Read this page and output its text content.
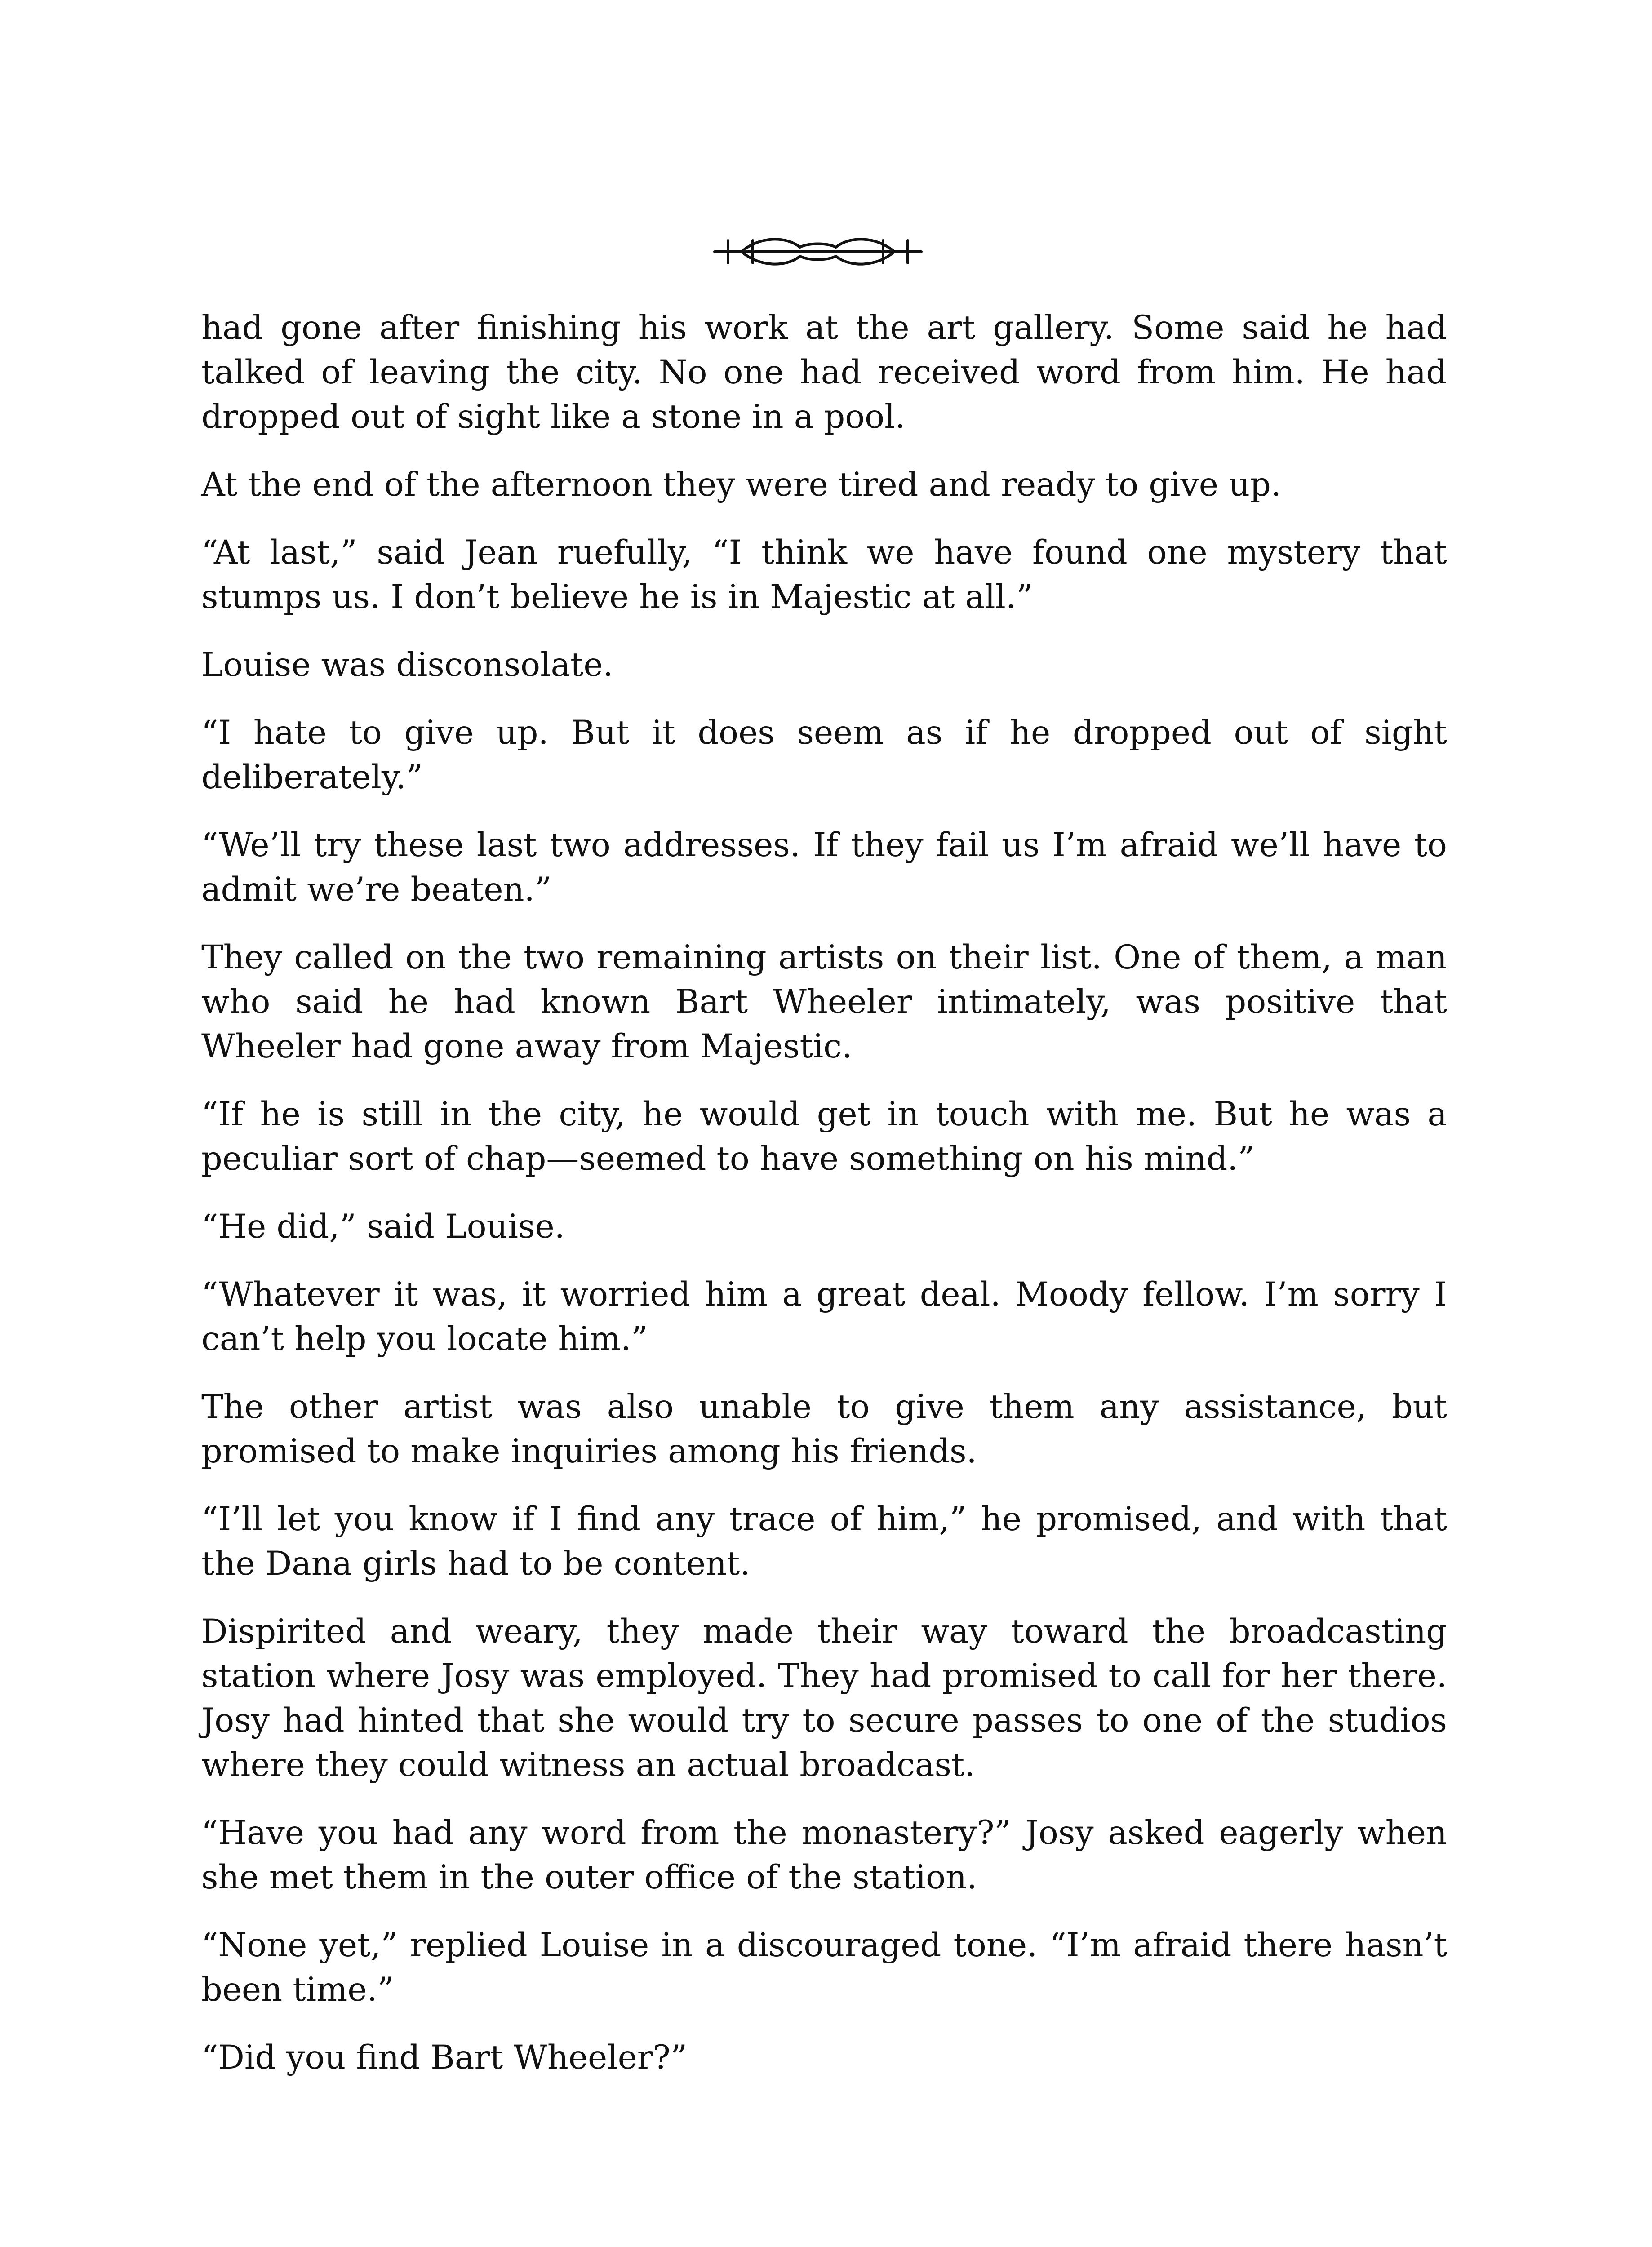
had gone after finishing his work at the art gallery. Some said he had talked of leaving the city. No one had received word from him. He had dropped out of sight like a stone in a pool.

At the end of the afternoon they were tired and ready to give up.

“At last,” said Jean ruefully, “I think we have found one mystery that stumps us. I don’t believe he is in Majestic at all.”

Louise was disconsolate.

“I hate to give up. But it does seem as if he dropped out of sight deliberately.”

“We’ll try these last two addresses. If they fail us I’m afraid we’ll have to admit we’re beaten.”

They called on the two remaining artists on their list. One of them, a man who said he had known Bart Wheeler intimately, was positive that Wheeler had gone away from Majestic.

“If he is still in the city, he would get in touch with me. But he was a peculiar sort of chap—seemed to have something on his mind.”

“He did,” said Louise.

“Whatever it was, it worried him a great deal. Moody fellow. I’m sorry I can’t help you locate him.”

The other artist was also unable to give them any assistance, but promised to make inquiries among his friends.

“I’ll let you know if I find any trace of him,” he promised, and with that the Dana girls had to be content.

Dispirited and weary, they made their way toward the broadcasting station where Josy was employed. They had promised to call for her there. Josy had hinted that she would try to secure passes to one of the studios where they could witness an actual broadcast.

“Have you had any word from the monastery?” Josy asked eagerly when she met them in the outer office of the station.

“None yet,” replied Louise in a discouraged tone. “I’m afraid there hasn’t been time.”

“Did you find Bart Wheeler?”
